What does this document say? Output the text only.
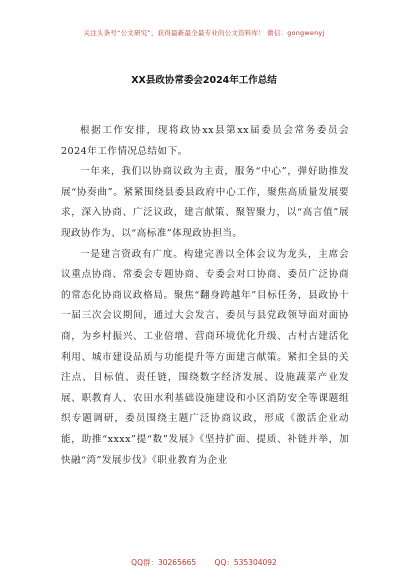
关注头条号“公文研究”，获得最新最全最专业的公文资料库！ 微信：gongwenyj
XX县政协常委会2024年工作总结

根据工作安排，现将政协xx县第xx届委员会常务委员会2024年工作情况总结如下。

一年来，我们以协商议政为主责，服务“中心”，弹好助推发展“协奏曲”。紧紧围绕县委县政府中心工作，聚焦高质量发展要求，深入协商、广泛议政，建言献策、聚智聚力，以“高言值”展现政协作为、以“高标准”体现政协担当。

一是建言资政有广度。构建完善以全体会议为龙头，主席会议重点协商、常委会专题协商、专委会对口协商、委员广泛协商的常态化协商议政格局。聚焦“翻身跨越年”目标任务，县政协十一届三次会议期间，通过大会发言、委员与县党政领导面对面协商，为乡村振兴、工业倍增、营商环境优化升级、古村古建活化利用、城市建设品质与功能提升等方面建言献策。紧扣全县的关注点、目标值、责任链，围绕数字经济发展、设施蔬菜产业发展、职教育人、农田水利基础设施建设和小区消防安全等课题组织专题调研，委员围绕主题广泛协商议政，形成《激活企业动能，助推“xxxx”提“数”发展》《坚持扩面、提质、补链并举，加快融“湾”发展步伐》《职业教育为企业

QQ群：30265665 QQ：535304092
